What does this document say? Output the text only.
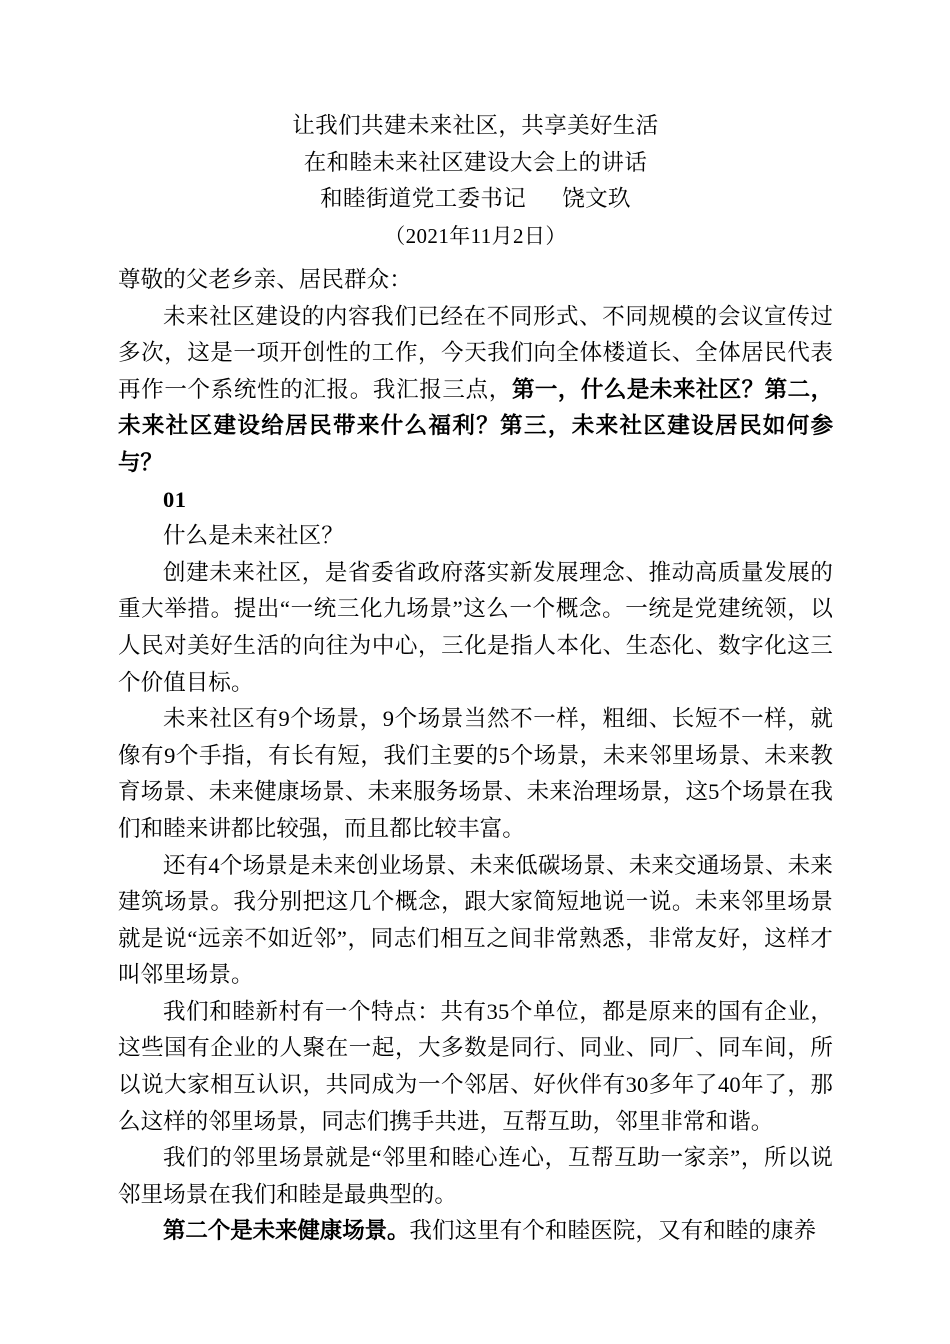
让我们共建未来社区，共享美好生活
在和睦未来社区建设大会上的讲话
和睦街道党工委书记 饶文玖
（2021年11月2日）

尊敬的父老乡亲、居民群众：

未来社区建设的内容我们已经在不同形式、不同规模的会议宣传过多次，这是一项开创性的工作，今天我们向全体楼道长、全体居民代表再作一个系统性的汇报。我汇报三点，第一，什么是未来社区？第二，未来社区建设给居民带来什么福利？第三，未来社区建设居民如何参与？

01

什么是未来社区？

创建未来社区，是省委省政府落实新发展理念、推动高质量发展的重大举措。提出“一统三化九场景”这么一个概念。一统是党建统领，以人民对美好生活的向往为中心，三化是指人本化、生态化、数字化这三个价值目标。

未来社区有9个场景，9个场景当然不一样，粗细、长短不一样，就像有9个手指，有长有短，我们主要的5个场景，未来邻里场景、未来教育场景、未来健康场景、未来服务场景、未来治理场景，这5个场景在我们和睦来讲都比较强，而且都比较丰富。

还有4个场景是未来创业场景、未来低碳场景、未来交通场景、未来建筑场景。我分别把这几个概念，跟大家简短地说一说。未来邻里场景就是说“远亲不如近邻”，同志们相互之间非常熟悉，非常友好，这样才叫邻里场景。

我们和睦新村有一个特点：共有35个单位，都是原来的国有企业，这些国有企业的人聚在一起，大多数是同行、同业、同厂、同车间，所以说大家相互认识，共同成为一个邻居、好伙伴有30多年了40年了，那么这样的邻里场景，同志们携手共进，互帮互助，邻里非常和谐。

我们的邻里场景就是“邻里和睦心连心，互帮互助一家亲”，所以说邻里场景在我们和睦是最典型的。

第二个是未来健康场景。我们这里有个和睦医院，又有和睦的康养
